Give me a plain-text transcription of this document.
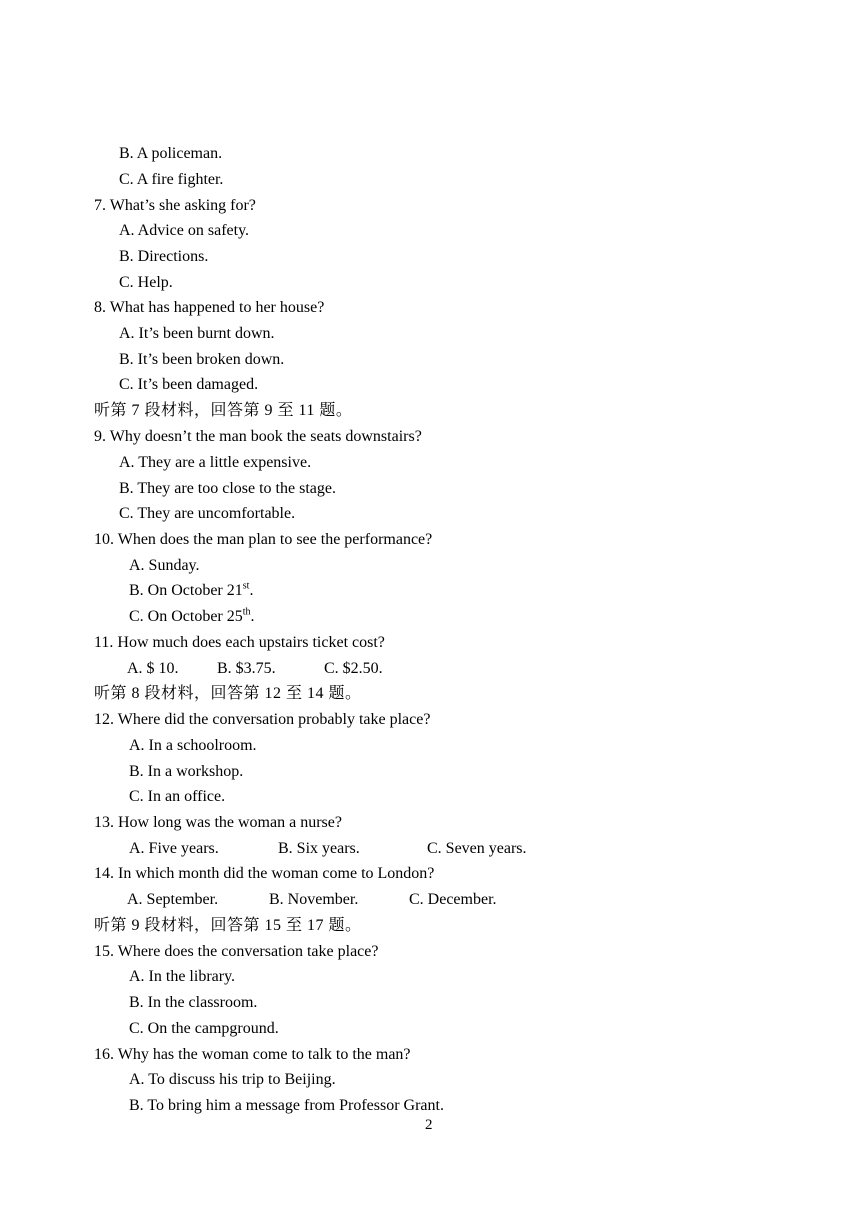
B. A policeman.
C. A fire fighter.
7. What’s she asking for?
A. Advice on safety.
B. Directions.
C. Help.
8. What has happened to her house?
A. It’s been burnt down.
B. It’s been broken down.
C. It’s been damaged.
听第 7 段材料，回答第 9 至 11 题。
9. Why doesn’t the man book the seats downstairs?
A. They are a little expensive.
B. They are too close to the stage.
C. They are uncomfortable.
10. When does the man plan to see the performance?
A. Sunday.
B. On October 21st.
C. On October 25th.
11. How much does each upstairs ticket cost?
A. $ 10. B. $3.75.	C. $2.50.
听第 8 段材料，回答第 12 至 14 题。
12. Where did the conversation probably take place?
A. In a schoolroom.
B. In a workshop.
C. In an office.
13. How long was the woman a nurse?
A. Five years.	B. Six years.	C. Seven years.
14. In which month did the woman come to London?
A. September.	B. November.	C. December.
听第 9 段材料，回答第 15 至 17 题。
15. Where does the conversation take place?
A. In the library.
B. In the classroom.
C. On the campground.
16. Why has the woman come to talk to the man?
A. To discuss his trip to Beijing.
B. To bring him a message from Professor Grant.
2
